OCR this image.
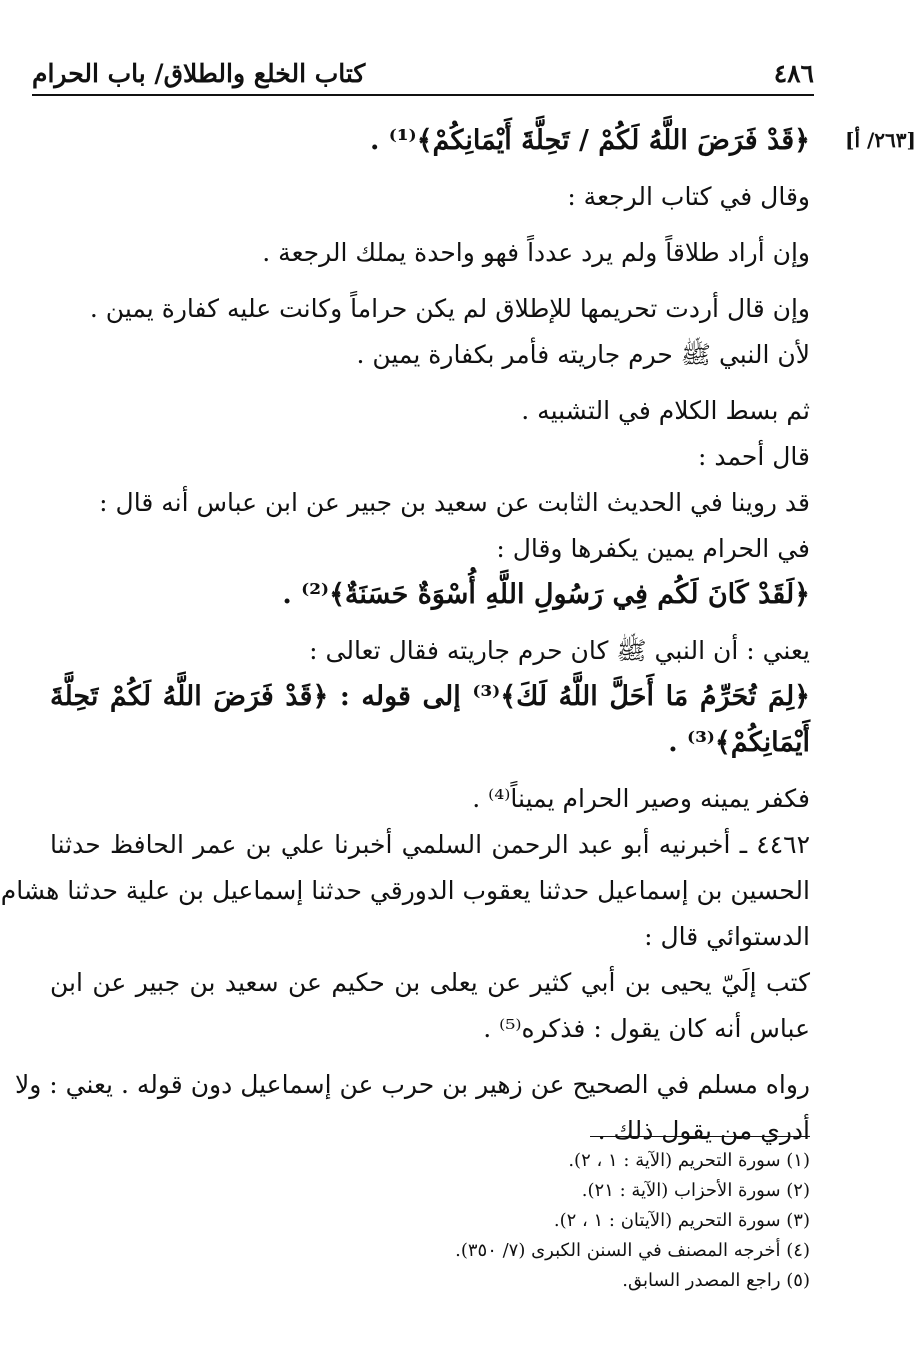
٤٨٦
كتاب الخلع والطلاق/ باب الحرام
[٢٦٣/ أ]
﴿قَدْ فَرَضَ اللَّهُ لَكُمْ / تَحِلَّةَ أَيْمَانِكُمْ﴾⁽¹⁾ .
وقال في كتاب الرجعة :
وإن أراد طلاقاً ولم يرد عدداً فهو واحدة يملك الرجعة .
وإن قال أردت تحريمها للإطلاق لم يكن حراماً وكانت عليه كفارة يمين .
لأن النبي ﷺ حرم جاريته فأمر بكفارة يمين .
ثم بسط الكلام في التشبيه .
قال أحمد :
قد روينا في الحديث الثابت عن سعيد بن جبير عن ابن عباس أنه قال :
في الحرام يمين يكفرها وقال :
﴿لَقَدْ كَانَ لَكُم فِي رَسُولِ اللَّهِ أُسْوَةٌ حَسَنَةٌ﴾⁽²⁾ .
يعني : أن النبي ﷺ كان حرم جاريته فقال تعالى :
﴿لِمَ تُحَرِّمُ مَا أَحَلَّ اللَّهُ لَكَ﴾⁽³⁾ إلى قوله : ﴿قَدْ فَرَضَ اللَّهُ لَكُمْ تَحِلَّةَ
أَيْمَانِكُمْ﴾⁽³⁾ .
فكفر يمينه وصير الحرام يميناً⁽⁴⁾ .
٤٤٦٢ ـ أخبرنيه أبو عبد الرحمن السلمي أخبرنا علي بن عمر الحافظ حدثنا
الحسين بن إسماعيل حدثنا يعقوب الدورقي حدثنا إسماعيل بن علية حدثنا هشام
الدستوائي قال :
كتب إلَيّ يحيى بن أبي كثير عن يعلى بن حكيم عن سعيد بن جبير عن ابن
عباس أنه كان يقول : فذكره⁽⁵⁾ .
رواه مسلم في الصحيح عن زهير بن حرب عن إسماعيل دون قوله . يعني : ولا
أدري من يقول ذلك .
(١) سورة التحريم (الآية : ١ ، ٢).
(٢) سورة الأحزاب (الآية : ٢١).
(٣) سورة التحريم (الآيتان : ١ ، ٢).
(٤) أخرجه المصنف في السنن الكبرى (٧/ ٣٥٠).
(٥) راجع المصدر السابق.
